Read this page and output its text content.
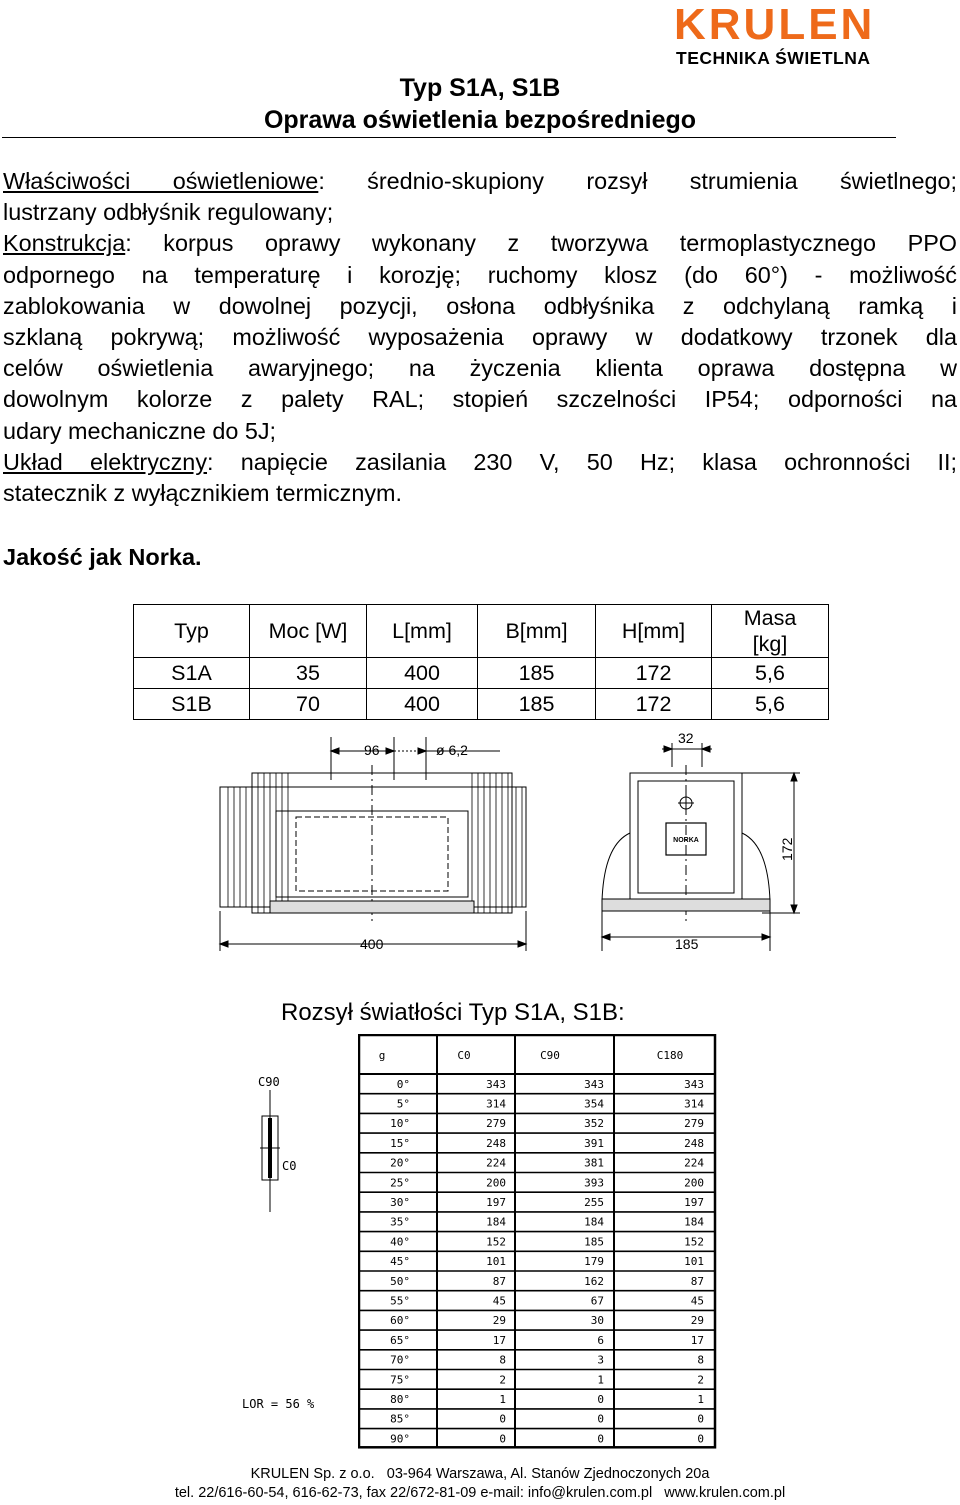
KRULEN
TECHNIKA ŚWIETLNA
Typ S1A, S1B
Oprawa oświetlenia bezpośredniego
Właściwości oświetleniowe: średnio-skupiony rozsył strumienia świetlnego;
lustrzany odbłyśnik regulowany;
Konstrukcja: korpus oprawy wykonany z tworzywa termoplastycznego PPO
odpornego na temperaturę i korozję; ruchomy klosz (do 60°) - możliwość
zablokowania w dowolnej pozycji, osłona odbłyśnika z odchylaną ramką i
szklaną pokrywą; możliwość wyposażenia oprawy w dodatkowy trzonek dla
celów oświetlenia awaryjnego; na życzenia klienta oprawa dostępna w
dowolnym kolorze z palety RAL; stopień szczelności IP54; odporności na
udary mechaniczne do 5J;
Układ elektryczny: napięcie zasilania 230 V, 50 Hz; klasa ochronności II;
statecznik z wyłącznikiem termicznym.
Jakość jak Norka.
Typ	Moc [W]	L[mm]	B[mm]	H[mm]	Masa [kg]
S1A	35	400	185	172	5,6
S1B	70	400	185	172	5,6
96	ø 6,2
400
32
172
185
NORKA
Rozsył światłości Typ S1A, S1B:
C90
C0
LOR = 56 %
g	C0	C90	C180
0°	343	343	343
5°	314	354	314
10°	279	352	279
15°	248	391	248
20°	224	381	224
25°	200	393	200
30°	197	255	197
35°	184	184	184
40°	152	185	152
45°	101	179	101
50°	87	162	87
55°	45	67	45
60°	29	30	29
65°	17	6	17
70°	8	3	8
75°	2	1	2
80°	1	0	1
85°	0	0	0
90°	0	0	0
KRULEN Sp. z o.o.   03-964 Warszawa, Al. Stanów Zjednoczonych 20a
tel. 22/616-60-54, 616-62-73, fax 22/672-81-09 e-mail: info@krulen.com.pl   www.krulen.com.pl
